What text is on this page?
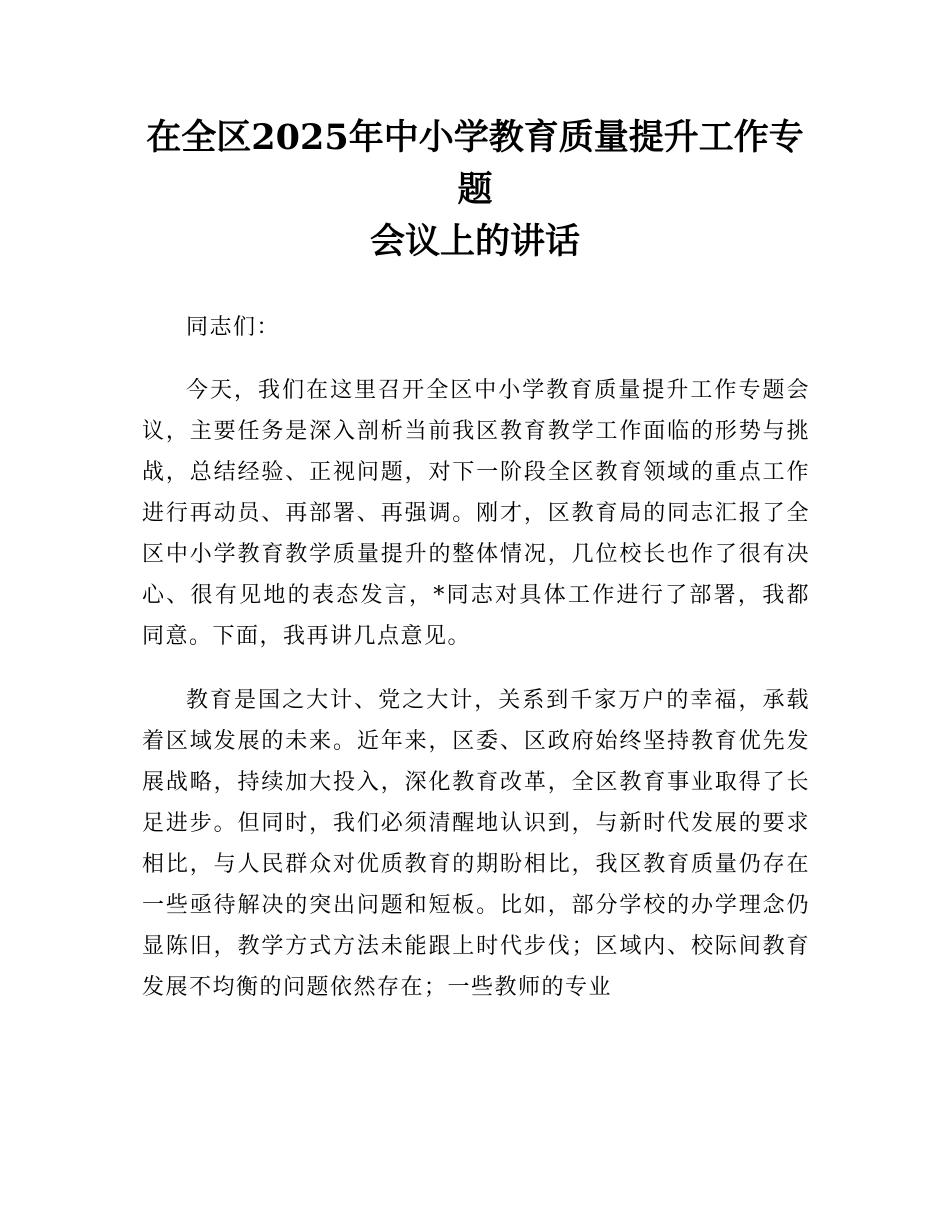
在全区2025年中小学教育质量提升工作专题
会议上的讲话

同志们：

今天，我们在这里召开全区中小学教育质量提升工作专题会议，主要任务是深入剖析当前我区教育教学工作面临的形势与挑战，总结经验、正视问题，对下一阶段全区教育领域的重点工作进行再动员、再部署、再强调。刚才，区教育局的同志汇报了全区中小学教育教学质量提升的整体情况，几位校长也作了很有决心、很有见地的表态发言，*同志对具体工作进行了部署，我都同意。下面，我再讲几点意见。

教育是国之大计、党之大计，关系到千家万户的幸福，承载着区域发展的未来。近年来，区委、区政府始终坚持教育优先发展战略，持续加大投入，深化教育改革，全区教育事业取得了长足进步。但同时，我们必须清醒地认识到，与新时代发展的要求相比，与人民群众对优质教育的期盼相比，我区教育质量仍存在一些亟待解决的突出问题和短板。比如，部分学校的办学理念仍显陈旧，教学方式方法未能跟上时代步伐；区域内、校际间教育发展不均衡的问题依然存在；一些教师的专业
